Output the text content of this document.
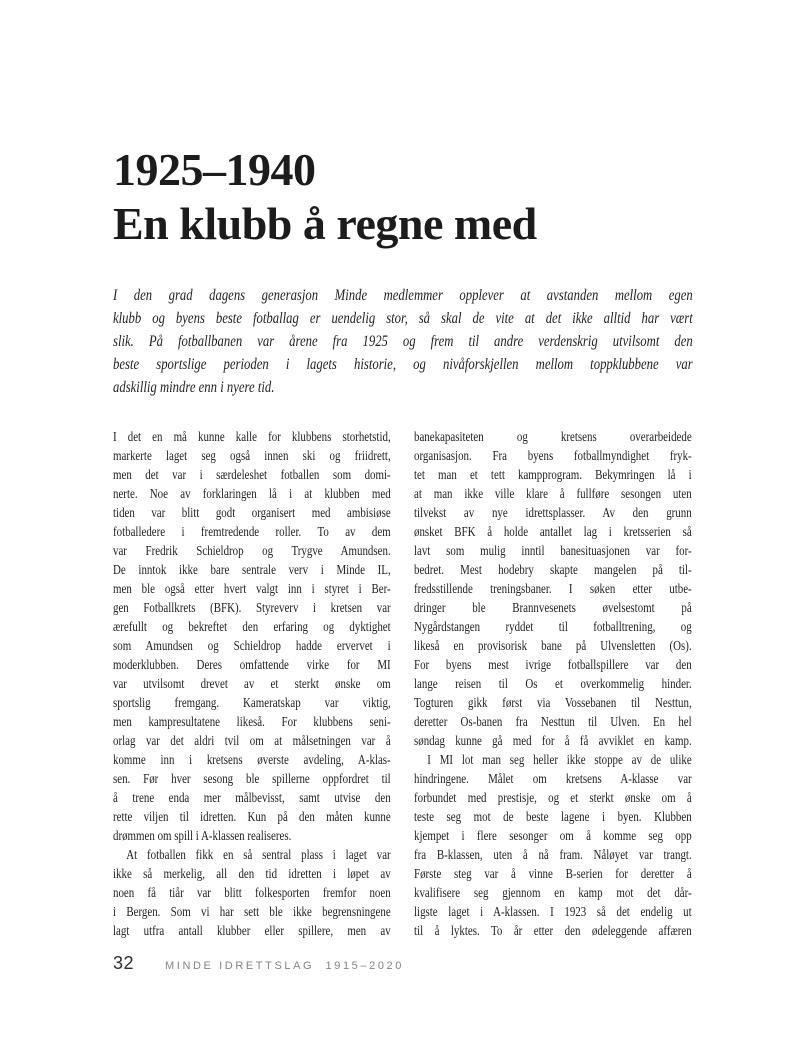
1925–1940
En klubb å regne med
I den grad dagens generasjon Minde medlemmer opplever at avstanden mellom egen
klubb og byens beste fotballag er uendelig stor, så skal de vite at det ikke alltid har vært
slik. På fotballbanen var årene fra 1925 og frem til andre verdenskrig utvilsomt den
beste sportslige perioden i lagets historie, og nivåforskjellen mellom toppklubbene var
adskillig mindre enn i nyere tid.
I det en må kunne kalle for klubbens storhetstid,
markerte laget seg også innen ski og friidrett,
men det var i særdeleshet fotballen som domi-
nerte. Noe av forklaringen lå i at klubben med
tiden var blitt godt organisert med ambisiøse
fotballedere i fremtredende roller. To av dem
var Fredrik Schieldrop og Trygve Amundsen.
De inntok ikke bare sentrale verv i Minde IL,
men ble også etter hvert valgt inn i styret i Ber-
gen Fotballkrets (BFK). Styreverv i kretsen var
ærefullt og bekreftet den erfaring og dyktighet
som Amundsen og Schieldrop hadde ervervet i
moderklubben. Deres omfattende virke for MI
var utvilsomt drevet av et sterkt ønske om
sportslig fremgang. Kameratskap var viktig,
men kampresultatene likeså. For klubbens seni-
orlag var det aldri tvil om at målsetningen var å
komme inn i kretsens øverste avdeling, A-klas-
sen. Før hver sesong ble spillerne oppfordret til
å trene enda mer målbevisst, samt utvise den
rette viljen til idretten. Kun på den måten kunne
drømmen om spill i A-klassen realiseres.
At fotballen fikk en så sentral plass i laget var
ikke så merkelig, all den tid idretten i løpet av
noen få tiår var blitt folkesporten fremfor noen
i Bergen. Som vi har sett ble ikke begrensningene
lagt utfra antall klubber eller spillere, men av
banekapasiteten og kretsens overarbeidede
organisasjon. Fra byens fotballmyndighet fryk-
tet man et tett kampprogram. Bekymringen lå i
at man ikke ville klare å fullføre sesongen uten
tilvekst av nye idrettsplasser. Av den grunn
ønsket BFK å holde antallet lag i kretsserien så
lavt som mulig inntil banesituasjonen var for-
bedret. Mest hodebry skapte mangelen på til-
fredsstillende treningsbaner. I søken etter utbe-
dringer ble Brannvesenets øvelsestomt på
Nygårdstangen ryddet til fotballtrening, og
likeså en provisorisk bane på Ulvensletten (Os).
For byens mest ivrige fotballspillere var den
lange reisen til Os et overkommelig hinder.
Togturen gikk først via Vossebanen til Nesttun,
deretter Os-banen fra Nesttun til Ulven. En hel
søndag kunne gå med for å få avviklet en kamp.
I MI lot man seg heller ikke stoppe av de ulike
hindringene. Målet om kretsens A-klasse var
forbundet med prestisje, og et sterkt ønske om å
teste seg mot de beste lagene i byen. Klubben
kjempet i flere sesonger om å komme seg opp
fra B-klassen, uten å nå fram. Nåløyet var trangt.
Første steg var å vinne B-serien for deretter å
kvalifisere seg gjennom en kamp mot det dår-
ligste laget i A-klassen. I 1923 så det endelig ut
til å lyktes. To år etter den ødeleggende affæren
32	MINDE IDRETTSLAG  1915–2020
